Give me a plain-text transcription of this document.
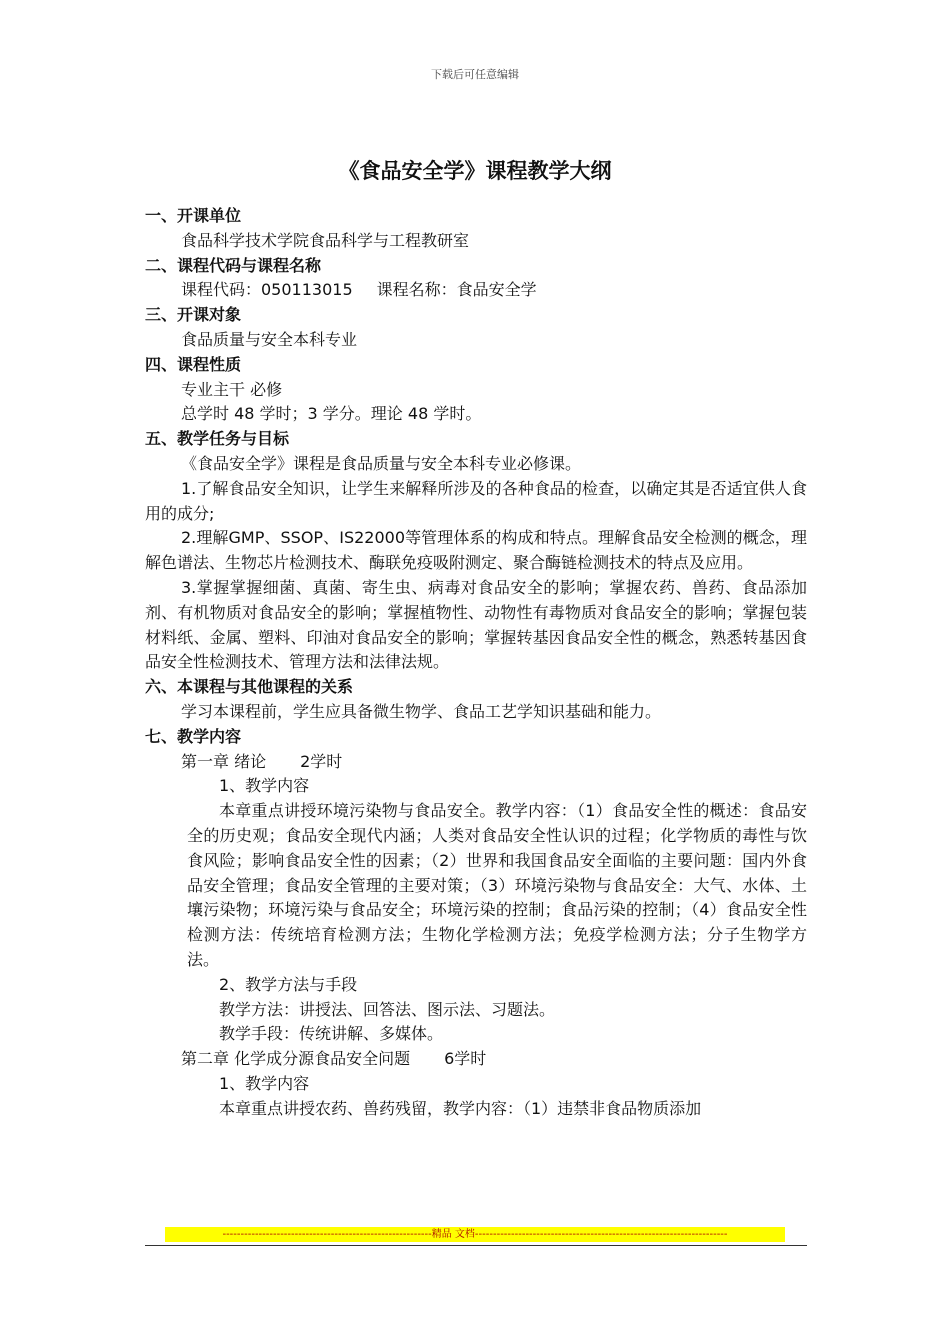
下载后可任意编辑
《食品安全学》课程教学大纲

一、开课单位

食品科学技术学院食品科学与工程教研室

二、课程代码与课程名称

课程代码：050113015 课程名称：食品安全学

三、开课对象

食品质量与安全本科专业

四、课程性质

专业主干 必修

总学时 48 学时；3 学分。理论 48 学时。

五、教学任务与目标

《食品安全学》课程是食品质量与安全本科专业必修课。

1.了解食品安全知识，让学生来解释所涉及的各种食品的检查，以确定其是否适宜供人食用的成分;

2.理解GMP、SSOP、IS22000等管理体系的构成和特点。理解食品安全检测的概念，理解色谱法、生物芯片检测技术、酶联免疫吸附测定、聚合酶链检测技术的特点及应用。

3.掌握掌握细菌、真菌、寄生虫、病毒对食品安全的影响；掌握农药、兽药、食品添加剂、有机物质对食品安全的影响；掌握植物性、动物性有毒物质对食品安全的影响；掌握包装材料纸、金属、塑料、印油对食品安全的影响；掌握转基因食品安全性的概念，熟悉转基因食品安全性检测技术、管理方法和法律法规。

六、本课程与其他课程的关系

学习本课程前，学生应具备微生物学、食品工艺学知识基础和能力。

七、教学内容

第一章 绪论 2学时

1、教学内容

本章重点讲授环境污染物与食品安全。教学内容：（1）食品安全性的概述：食品安全的历史观；食品安全现代内涵；人类对食品安全性认识的过程；化学物质的毒性与饮食风险；影响食品安全性的因素；（2）世界和我国食品安全面临的主要问题：国内外食品安全管理；食品安全管理的主要对策；（3）环境污染物与食品安全：大气、水体、土壤污染物；环境污染与食品安全；环境污染的控制；食品污染的控制；（4）食品安全性检测方法：传统培育检测方法；生物化学检测方法；免疫学检测方法；分子生物学方法。

2、教学方法与手段

教学方法：讲授法、回答法、图示法、习题法。

教学手段：传统讲解、多媒体。

第二章 化学成分源食品安全问题 6学时

1、教学内容

本章重点讲授农药、兽药残留，教学内容：（1）违禁非食品物质添加

----------------------------------------------------------精品 文档----------------------------------------------------------------------
